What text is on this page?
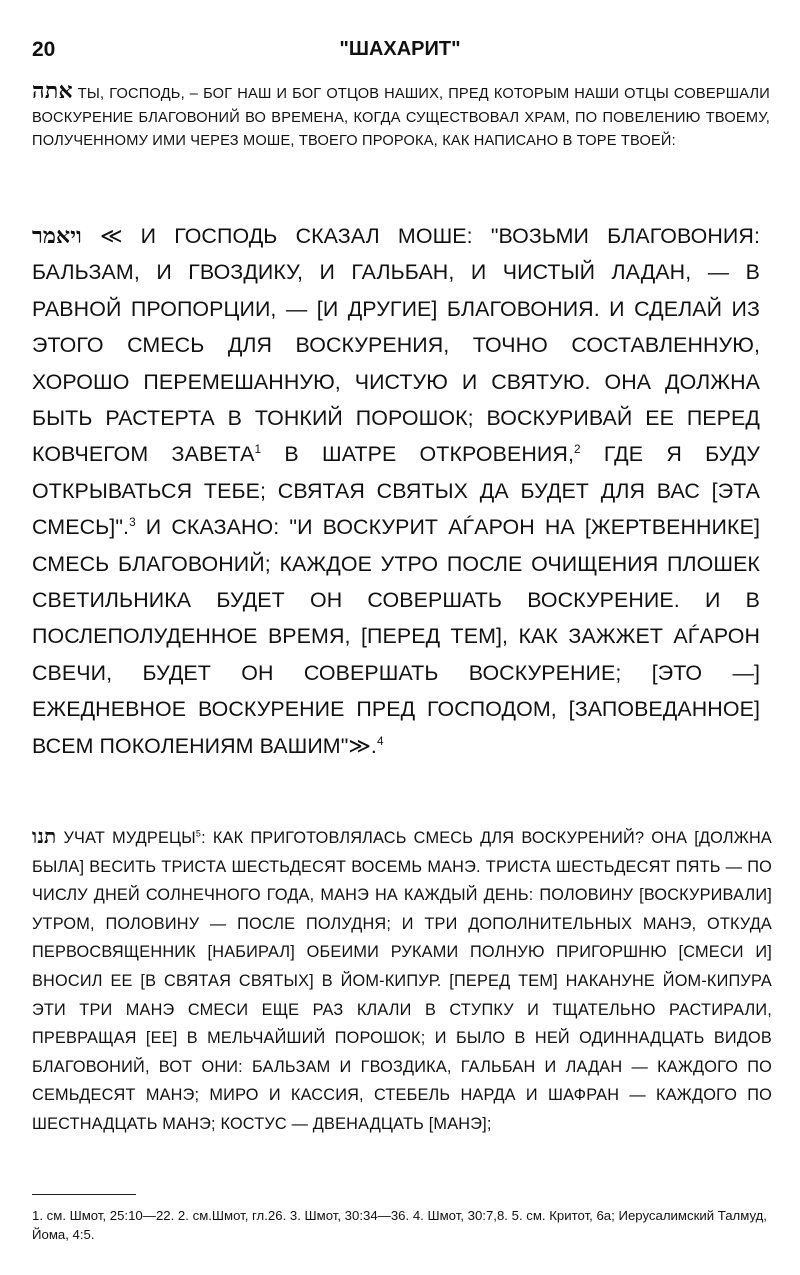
20	"ШАХАРИТ"

אתה ТЫ, ГОСПОДЬ, – БОГ НАШ И БОГ ОТЦОВ НАШИХ, ПРЕД КОТОРЫМ НАШИ ОТЦЫ СОВЕРШАЛИ ВОСКУРЕНИЕ БЛАГОВОНИЙ ВО ВРЕМЕНА, КОГДА СУЩЕСТВОВАЛ ХРАМ, ПО ПОВЕЛЕНИЮ ТВОЕМУ, ПОЛУЧЕННОМУ ИМИ ЧЕРЕЗ МОШЕ, ТВОЕГО ПРОРОКА, КАК НАПИСАНО В ТОРЕ ТВОЕЙ:

ויאמר ≪ И ГОСПОДЬ СКАЗАЛ МОШЕ: "ВОЗЬМИ БЛАГОВОНИЯ: БАЛЬЗАМ, И ГВОЗДИКУ, И ГАЛЬБАН, И ЧИСТЫЙ ЛАДАН, — В РАВНОЙ ПРОПОРЦИИ, — [И ДРУГИЕ] БЛАГОВОНИЯ. И СДЕЛАЙ ИЗ ЭТОГО СМЕСЬ ДЛЯ ВОСКУРЕНИЯ, ТОЧНО СОСТАВЛЕННУЮ, ХОРОШО ПЕРЕМЕШАННУЮ, ЧИСТУЮ И СВЯТУЮ. ОНА ДОЛЖНА БЫТЬ РАСТЕРТА В ТОНКИЙ ПОРОШОК; ВОСКУРИВАЙ ЕЕ ПЕРЕД КОВЧЕГОМ ЗАВЕТА$^1$ В ШАТРЕ ОТКРОВЕНИЯ,$^2$ ГДЕ Я БУДУ ОТКРЫВАТЬСЯ ТЕБЕ; СВЯТАЯ СВЯТЫХ ДА БУДЕТ ДЛЯ ВАС [ЭТА СМЕСЬ]".$^3$ И СКАЗАНО: "И ВОСКУРИТ АЃАРОН НА [ЖЕРТВЕННИКЕ] СМЕСЬ БЛАГОВОНИЙ; КАЖДОЕ УТРО ПОСЛЕ ОЧИЩЕНИЯ ПЛОШЕК СВЕТИЛЬНИКА БУДЕТ ОН СОВЕРШАТЬ ВОСКУРЕНИЕ. И В ПОСЛЕПОЛУДЕННОЕ ВРЕМЯ, [ПЕРЕД ТЕМ], КАК ЗАЖЖЕТ АЃАРОН СВЕЧИ, БУДЕТ ОН СОВЕРШАТЬ ВОСКУРЕНИЕ; [ЭТО —] ЕЖЕДНЕВНОЕ ВОСКУРЕНИЕ ПРЕД ГОСПОДОМ, [ЗАПОВЕДАННОЕ] ВСЕМ ПОКОЛЕНИЯМ ВАШИМ"≫.$^4$

תנו УЧАТ МУДРЕЦЫ$^5$: КАК ПРИГОТОВЛЯЛАСЬ СМЕСЬ ДЛЯ ВОСКУРЕНИЙ? ОНА [ДОЛЖНА БЫЛА] ВЕСИТЬ ТРИСТА ШЕСТЬДЕСЯТ ВОСЕМЬ МАНЭ. ТРИСТА ШЕСТЬДЕСЯТ ПЯТЬ — ПО ЧИСЛУ ДНЕЙ СОЛНЕЧНОГО ГОДА, МАНЭ НА КАЖДЫЙ ДЕНЬ: ПОЛОВИНУ [ВОСКУРИВАЛИ] УТРОМ, ПОЛОВИНУ — ПОСЛЕ ПОЛУДНЯ; И ТРИ ДОПОЛНИТЕЛЬНЫХ МАНЭ, ОТКУДА ПЕРВОСВЯЩЕННИК [НАБИРАЛ] ОБЕИМИ РУКАМИ ПОЛНУЮ ПРИГОРШНЮ [СМЕСИ И] ВНОСИЛ ЕЕ [В СВЯТАЯ СВЯТЫХ] В ЙОМ-КИПУР. [ПЕРЕД ТЕМ] НАКАНУНЕ ЙОМ-КИПУРА ЭТИ ТРИ МАНЭ СМЕСИ ЕЩЕ РАЗ КЛАЛИ В СТУПКУ И ТЩАТЕЛЬНО РАСТИРАЛИ, ПРЕВРАЩАЯ [ЕЕ] В МЕЛЬЧАЙШИЙ ПОРОШОК; И БЫЛО В НЕЙ ОДИННАДЦАТЬ ВИДОВ БЛАГОВОНИЙ, ВОТ ОНИ: БАЛЬЗАМ И ГВОЗДИКА, ГАЛЬБАН И ЛАДАН — КАЖДОГО ПО СЕМЬДЕСЯТ МАНЭ; МИРО И КАССИЯ, СТЕБЕЛЬ НАРДА И ШАФРАН — КАЖДОГО ПО ШЕСТНАДЦАТЬ МАНЭ; КОСТУС — ДВЕНАДЦАТЬ [МАНЭ];

1. см. Шмот, 25:10—22. 2. см.Шмот, гл.26. 3. Шмот, 30:34—36. 4. Шмот, 30:7,8. 5. см. Критот, 6а; Иерусалимский Талмуд, Йома, 4:5.
